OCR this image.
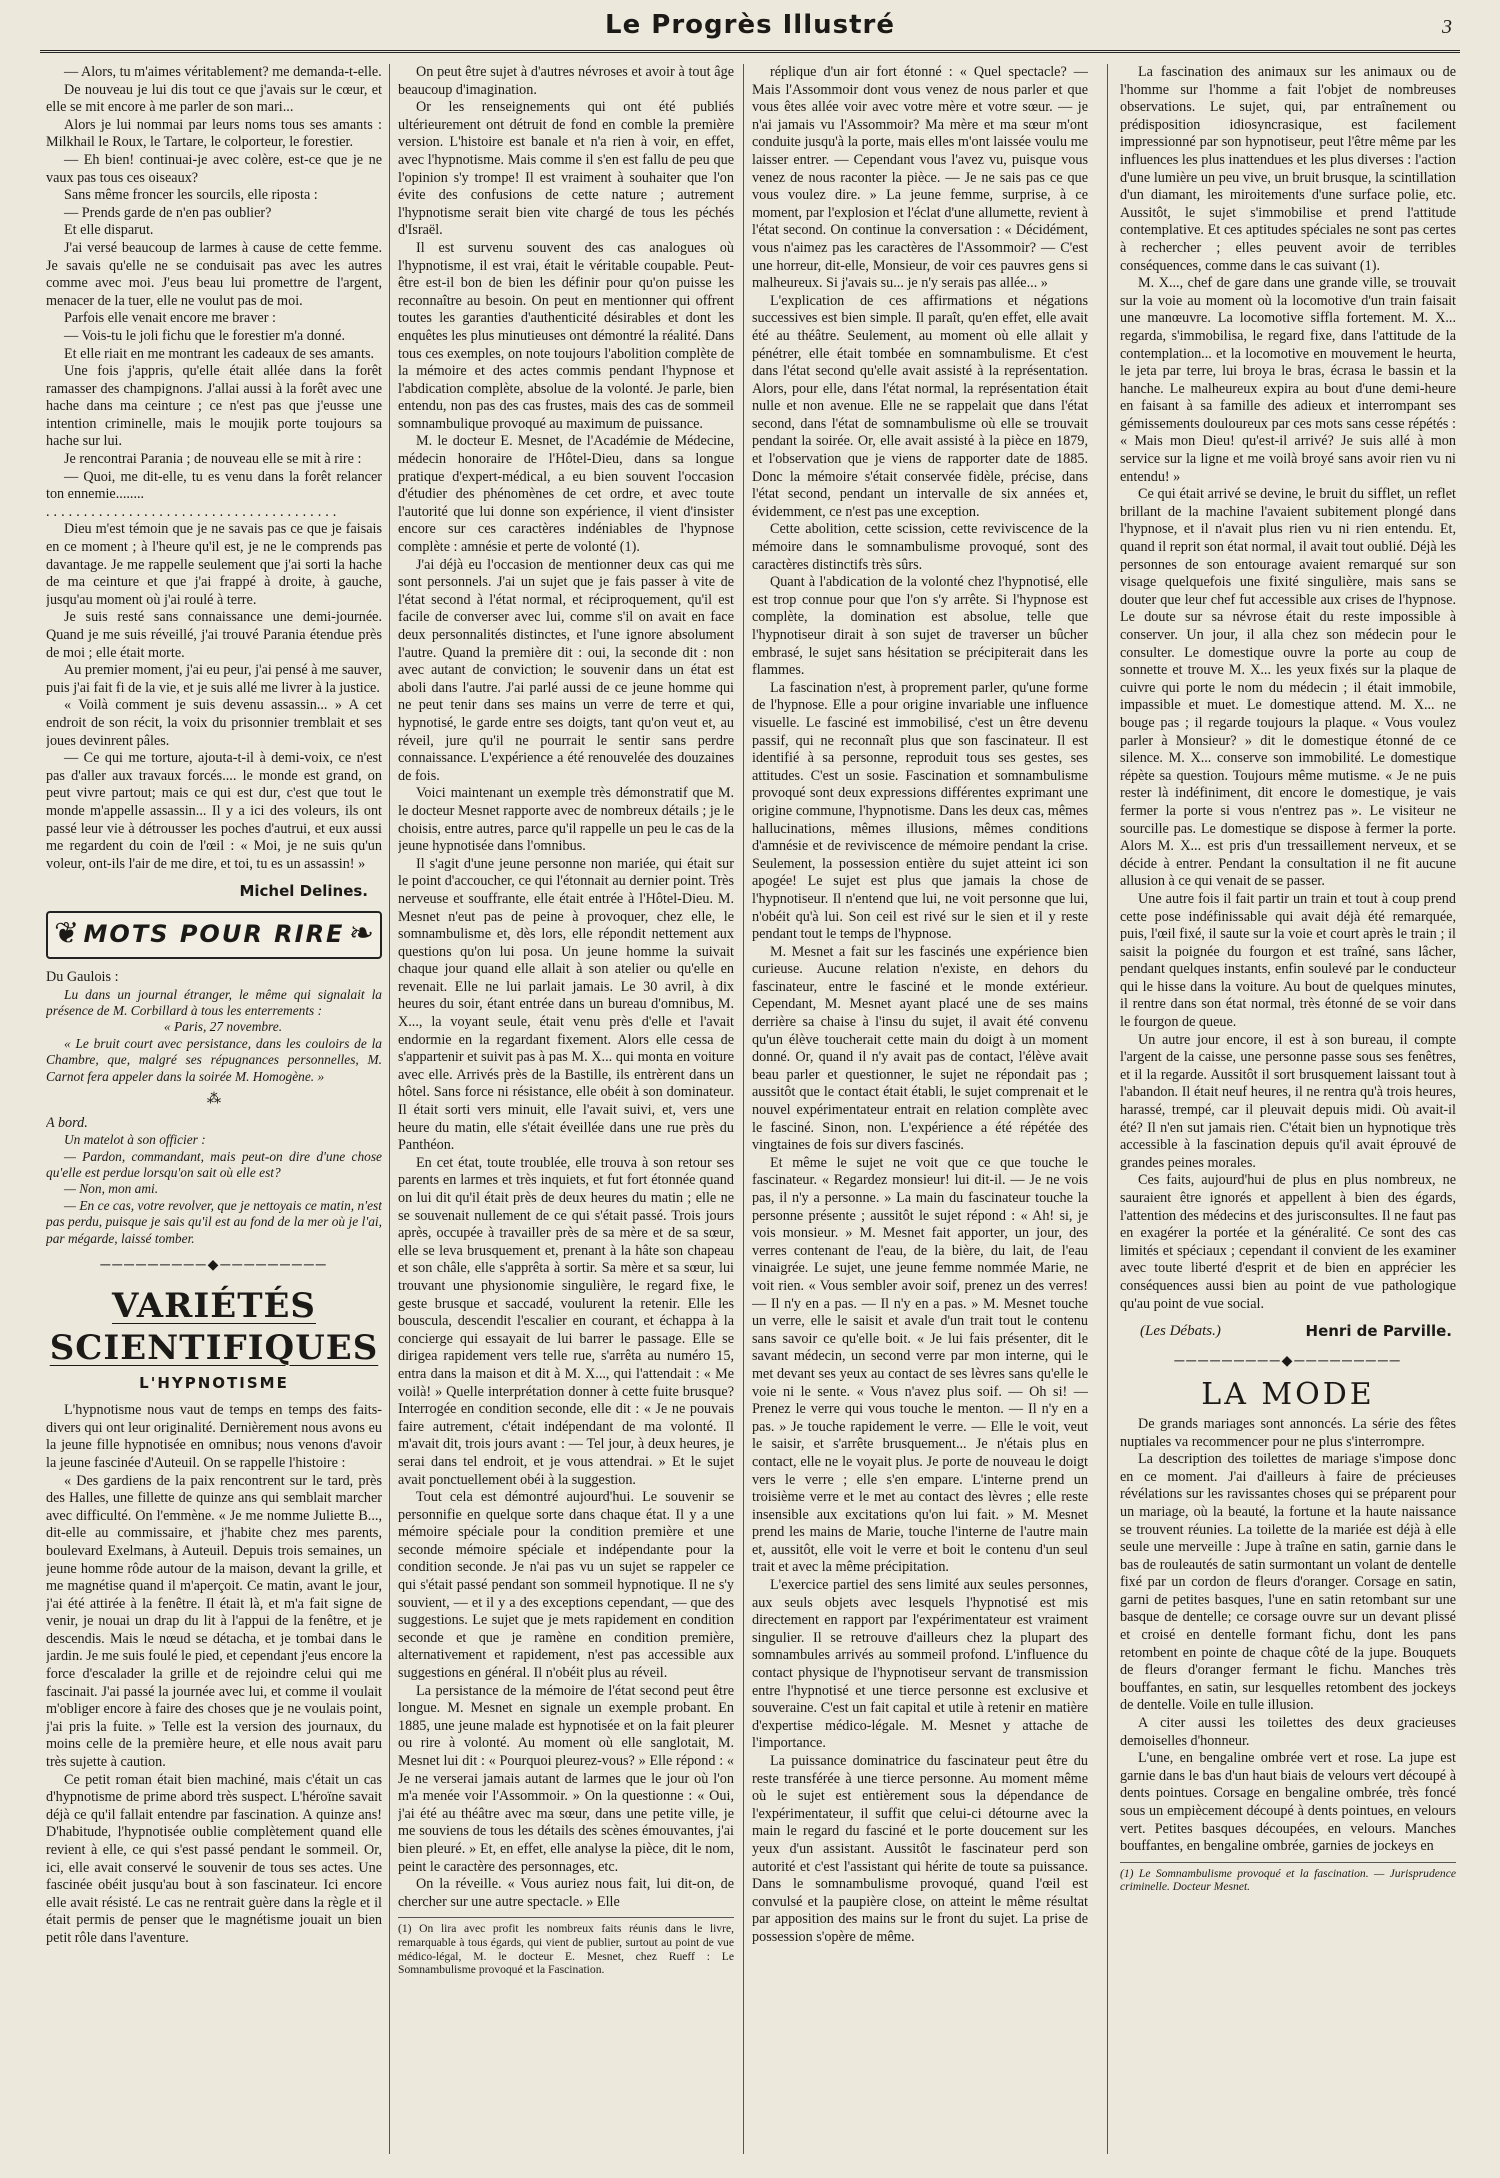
Le Progrès Illustré	3

— Alors, tu m'aimes véritablement? me demanda-t-elle.

De nouveau je lui dis tout ce que j'avais sur le cœur, et elle se mit encore à me parler de son mari...

Alors je lui nommai par leurs noms tous ses amants : Milkhail le Roux, le Tartare, le colporteur, le forestier.

— Eh bien! continuai-je avec colère, est-ce que je ne vaux pas tous ces oiseaux?

Sans même froncer les sourcils, elle riposta :

— Prends garde de n'en pas oublier?

Et elle disparut.

J'ai versé beaucoup de larmes à cause de cette femme. Je savais qu'elle ne se conduisait pas avec les autres comme avec moi. J'eus beau lui promettre de l'argent, menacer de la tuer, elle ne voulut pas de moi.

Parfois elle venait encore me braver :

— Vois-tu le joli fichu que le forestier m'a donné.

Et elle riait en me montrant les cadeaux de ses amants.

Une fois j'appris, qu'elle était allée dans la forêt ramasser des champignons. J'allai aussi à la forêt avec une hache dans ma ceinture ; ce n'est pas que j'eusse une intention criminelle, mais le moujik porte toujours sa hache sur lui.

Je rencontrai Parania ; de nouveau elle se mit à rire :

— Quoi, me dit-elle, tu es venu dans la forêt relancer ton ennemie........

.......................................

Dieu m'est témoin que je ne savais pas ce que je faisais en ce moment ; à l'heure qu'il est, je ne le comprends pas davantage. Je me rappelle seulement que j'ai sorti la hache de ma ceinture et que j'ai frappé à droite, à gauche, jusqu'au moment où j'ai roulé à terre.

Je suis resté sans connaissance une demi-journée. Quand je me suis réveillé, j'ai trouvé Parania étendue près de moi ; elle était morte.

Au premier moment, j'ai eu peur, j'ai pensé à me sauver, puis j'ai fait fi de la vie, et je suis allé me livrer à la justice.

« Voilà comment je suis devenu assassin... » A cet endroit de son récit, la voix du prisonnier tremblait et ses joues devinrent pâles.

— Ce qui me torture, ajouta-t-il à demi-voix, ce n'est pas d'aller aux travaux forcés.... le monde est grand, on peut vivre partout; mais ce qui est dur, c'est que tout le monde m'appelle assassin... Il y a ici des voleurs, ils ont passé leur vie à détrousser les poches d'autrui, et eux aussi me regardent du coin de l'œil : « Moi, je ne suis qu'un voleur, ont-ils l'air de me dire, et toi, tu es un assassin! »

Michel Delines.
❦ MOTS POUR RIRE ❧

Du Gaulois :

Lu dans un journal étranger, le même qui signalait la présence de M. Corbillard à tous les enterrements :

« Paris, 27 novembre.

« Le bruit court avec persistance, dans les couloirs de la Chambre, que, malgré ses répugnances personnelles, M. Carnot fera appeler dans la soirée M. Homogène. »

⁂

A bord.

Un matelot à son officier :

— Pardon, commandant, mais peut-on dire d'une chose qu'elle est perdue lorsqu'on sait où elle est?

— Non, mon ami.

— En ce cas, votre revolver, que je nettoyais ce matin, n'est pas perdu, puisque je sais qu'il est au fond de la mer où je l'ai, par mégarde, laissé tomber.

─────────◆─────────
VARIÉTÉS SCIENTIFIQUES
L'HYPNOTISME

L'hypnotisme nous vaut de temps en temps des faits-divers qui ont leur originalité. Dernièrement nous avons eu la jeune fille hypnotisée en omnibus; nous venons d'avoir la jeune fascinée d'Auteuil. On se rappelle l'histoire :

« Des gardiens de la paix rencontrent sur le tard, près des Halles, une fillette de quinze ans qui semblait marcher avec difficulté. On l'emmène. « Je me nomme Juliette B..., dit-elle au commissaire, et j'habite chez mes parents, boulevard Exelmans, à Auteuil. Depuis trois semaines, un jeune homme rôde autour de la maison, devant la grille, et me magnétise quand il m'aperçoit. Ce matin, avant le jour, j'ai été attirée à la fenêtre. Il était là, et m'a fait signe de venir, je nouai un drap du lit à l'appui de la fenêtre, et je descendis. Mais le nœud se détacha, et je tombai dans le jardin. Je me suis foulé le pied, et cependant j'eus encore la force d'escalader la grille et de rejoindre celui qui me fascinait. J'ai passé la journée avec lui, et comme il voulait m'obliger encore à faire des choses que je ne voulais point, j'ai pris la fuite. » Telle est la version des journaux, du moins celle de la première heure, et elle nous avait paru très sujette à caution.

Ce petit roman était bien machiné, mais c'était un cas d'hypnotisme de prime abord très suspect. L'héroïne savait déjà ce qu'il fallait entendre par fascination. A quinze ans! D'habitude, l'hypnotisée oublie complètement quand elle revient à elle, ce qui s'est passé pendant le sommeil. Or, ici, elle avait conservé le souvenir de tous ses actes. Une fascinée obéit jusqu'au bout à son fascinateur. Ici encore elle avait résisté. Le cas ne rentrait guère dans la règle et il était permis de penser que le magnétisme jouait un bien petit rôle dans l'aventure.

On peut être sujet à d'autres névroses et avoir à tout âge beaucoup d'imagination.

Or les renseignements qui ont été publiés ultérieurement ont détruit de fond en comble la première version. L'histoire est banale et n'a rien à voir, en effet, avec l'hypnotisme. Mais comme il s'en est fallu de peu que l'opinion s'y trompe! Il est vraiment à souhaiter que l'on évite des confusions de cette nature ; autrement l'hypnotisme serait bien vite chargé de tous les péchés d'Israël.

Il est survenu souvent des cas analogues où l'hypnotisme, il est vrai, était le véritable coupable. Peut-être est-il bon de bien les définir pour qu'on puisse les reconnaître au besoin. On peut en mentionner qui offrent toutes les garanties d'authenticité désirables et dont les enquêtes les plus minutieuses ont démontré la réalité. Dans tous ces exemples, on note toujours l'abolition complète de la mémoire et des actes commis pendant l'hypnose et l'abdication complète, absolue de la volonté. Je parle, bien entendu, non pas des cas frustes, mais des cas de sommeil somnambulique provoqué au maximum de puissance.

M. le docteur E. Mesnet, de l'Académie de Médecine, médecin honoraire de l'Hôtel-Dieu, dans sa longue pratique d'expert-médical, a eu bien souvent l'occasion d'étudier des phénomènes de cet ordre, et avec toute l'autorité que lui donne son expérience, il vient d'insister encore sur ces caractères indéniables de l'hypnose complète : amnésie et perte de volonté (1).

J'ai déjà eu l'occasion de mentionner deux cas qui me sont personnels. J'ai un sujet que je fais passer à vite de l'état second à l'état normal, et réciproquement, qu'il est facile de converser avec lui, comme s'il on avait en face deux personnalités distinctes, et l'une ignore absolument l'autre. Quand la première dit : oui, la seconde dit : non avec autant de conviction; le souvenir dans un état est aboli dans l'autre. J'ai parlé aussi de ce jeune homme qui ne peut tenir dans ses mains un verre de terre et qui, hypnotisé, le garde entre ses doigts, tant qu'on veut et, au réveil, jure qu'il ne pourrait le sentir sans perdre connaissance. L'expérience a été renouvelée des douzaines de fois.

Voici maintenant un exemple très démonstratif que M. le docteur Mesnet rapporte avec de nombreux détails ; je le choisis, entre autres, parce qu'il rappelle un peu le cas de la jeune hypnotisée dans l'omnibus.

Il s'agit d'une jeune personne non mariée, qui était sur le point d'accoucher, ce qui l'étonnait au dernier point. Très nerveuse et souffrante, elle était entrée à l'Hôtel-Dieu. M. Mesnet n'eut pas de peine à provoquer, chez elle, le somnambulisme et, dès lors, elle répondit nettement aux questions qu'on lui posa. Un jeune homme la suivait chaque jour quand elle allait à son atelier ou qu'elle en revenait. Elle ne lui parlait jamais. Le 30 avril, à dix heures du soir, étant entrée dans un bureau d'omnibus, M. X..., la voyant seule, était venu près d'elle et l'avait endormie en la regardant fixement. Alors elle cessa de s'appartenir et suivit pas à pas M. X... qui monta en voiture avec elle. Arrivés près de la Bastille, ils entrèrent dans un hôtel. Sans force ni résistance, elle obéit à son dominateur. Il était sorti vers minuit, elle l'avait suivi, et, vers une heure du matin, elle s'était éveillée dans une rue près du Panthéon.

En cet état, toute troublée, elle trouva à son retour ses parents en larmes et très inquiets, et fut fort étonnée quand on lui dit qu'il était près de deux heures du matin ; elle ne se souvenait nullement de ce qui s'était passé. Trois jours après, occupée à travailler près de sa mère et de sa sœur, elle se leva brusquement et, prenant à la hâte son chapeau et son châle, elle s'apprêta à sortir. Sa mère et sa sœur, lui trouvant une physionomie singulière, le regard fixe, le geste brusque et saccadé, voulurent la retenir. Elle les bouscula, descendit l'escalier en courant, et échappa à la concierge qui essayait de lui barrer le passage. Elle se dirigea rapidement vers telle rue, s'arrêta au numéro 15, entra dans la maison et dit à M. X..., qui l'attendait : « Me voilà! » Quelle interprétation donner à cette fuite brusque? Interrogée en condition seconde, elle dit : « Je ne pouvais faire autrement, c'était indépendant de ma volonté. Il m'avait dit, trois jours avant : — Tel jour, à deux heures, je serai dans tel endroit, et je vous attendrai. » Et le sujet avait ponctuellement obéi à la suggestion.

Tout cela est démontré aujourd'hui. Le souvenir se personnifie en quelque sorte dans chaque état. Il y a une mémoire spéciale pour la condition première et une seconde mémoire spéciale et indépendante pour la condition seconde. Je n'ai pas vu un sujet se rappeler ce qui s'était passé pendant son sommeil hypnotique. Il ne s'y souvient, — et il y a des exceptions cependant, — que des suggestions. Le sujet que je mets rapidement en condition seconde et que je ramène en condition première, alternativement et rapidement, n'est pas accessible aux suggestions en général. Il n'obéit plus au réveil.

La persistance de la mémoire de l'état second peut être longue. M. Mesnet en signale un exemple probant. En 1885, une jeune malade est hypnotisée et on la fait pleurer ou rire à volonté. Au moment où elle sanglotait, M. Mesnet lui dit : « Pourquoi pleurez-vous? » Elle répond : « Je ne verserai jamais autant de larmes que le jour où l'on m'a menée voir l'Assommoir. » On la questionne : « Oui, j'ai été au théâtre avec ma sœur, dans une petite ville, je me souviens de tous les détails des scènes émouvantes, j'ai bien pleuré. » Et, en effet, elle analyse la pièce, dit le nom, peint le caractère des personnages, etc.

On la réveille. « Vous auriez nous fait, lui dit-on, de chercher sur une autre spectacle. » Elle

(1) On lira avec profit les nombreux faits réunis dans le livre, remarquable à tous égards, qui vient de publier, surtout au point de vue médico-légal, M. le docteur E. Mesnet, chez Rueff : Le Somnambulisme provoqué et la Fascination.

réplique d'un air fort étonné : « Quel spectacle? — Mais l'Assommoir dont vous venez de nous parler et que vous êtes allée voir avec votre mère et votre sœur. — je n'ai jamais vu l'Assommoir? Ma mère et ma sœur m'ont conduite jusqu'à la porte, mais elles m'ont laissée voulu me laisser entrer. — Cependant vous l'avez vu, puisque vous venez de nous raconter la pièce. — Je ne sais pas ce que vous voulez dire. » La jeune femme, surprise, à ce moment, par l'explosion et l'éclat d'une allumette, revient à l'état second. On continue la conversation : « Décidément, vous n'aimez pas les caractères de l'Assommoir? — C'est une horreur, dit-elle, Monsieur, de voir ces pauvres gens si malheureux. Si j'avais su... je n'y serais pas allée... »

L'explication de ces affirmations et négations successives est bien simple. Il paraît, qu'en effet, elle avait été au théâtre. Seulement, au moment où elle allait y pénétrer, elle était tombée en somnambulisme. Et c'est dans l'état second qu'elle avait assisté à la représentation. Alors, pour elle, dans l'état normal, la représentation était nulle et non avenue. Elle ne se rappelait que dans l'état second, dans l'état de somnambulisme où elle se trouvait pendant la soirée. Or, elle avait assisté à la pièce en 1879, et l'observation que je viens de rapporter date de 1885. Donc la mémoire s'était conservée fidèle, précise, dans l'état second, pendant un intervalle de six années et, évidemment, ce n'est pas une exception.

Cette abolition, cette scission, cette reviviscence de la mémoire dans le somnambulisme provoqué, sont des caractères distinctifs très sûrs.

Quant à l'abdication de la volonté chez l'hypnotisé, elle est trop connue pour que l'on s'y arrête. Si l'hypnose est complète, la domination est absolue, telle que l'hypnotiseur dirait à son sujet de traverser un bûcher embrasé, le sujet sans hésitation se précipiterait dans les flammes.

La fascination n'est, à proprement parler, qu'une forme de l'hypnose. Elle a pour origine invariable une influence visuelle. Le fasciné est immobilisé, c'est un être devenu passif, qui ne reconnaît plus que son fascinateur. Il est identifié à sa personne, reproduit tous ses gestes, ses attitudes. C'est un sosie. Fascination et somnambulisme provoqué sont deux expressions différentes exprimant une origine commune, l'hypnotisme. Dans les deux cas, mêmes hallucinations, mêmes illusions, mêmes conditions d'amnésie et de reviviscence de mémoire pendant la crise. Seulement, la possession entière du sujet atteint ici son apogée! Le sujet est plus que jamais la chose de l'hypnotiseur. Il n'entend que lui, ne voit personne que lui, n'obéit qu'à lui. Son ceil est rivé sur le sien et il y reste pendant tout le temps de l'hypnose.

M. Mesnet a fait sur les fascinés une expérience bien curieuse. Aucune relation n'existe, en dehors du fascinateur, entre le fasciné et le monde extérieur. Cependant, M. Mesnet ayant placé une de ses mains derrière sa chaise à l'insu du sujet, il avait été convenu qu'un élève toucherait cette main du doigt à un moment donné. Or, quand il n'y avait pas de contact, l'élève avait beau parler et questionner, le sujet ne répondait pas ; aussitôt que le contact était établi, le sujet comprenait et le nouvel expérimentateur entrait en relation complète avec le fasciné. Sinon, non. L'expérience a été répétée des vingtaines de fois sur divers fascinés.

Et même le sujet ne voit que ce que touche le fascinateur. « Regardez monsieur! lui dit-il. — Je ne vois pas, il n'y a personne. » La main du fascinateur touche la personne présente ; aussitôt le sujet répond : « Ah! si, je vois monsieur. » M. Mesnet fait apporter, un jour, des verres contenant de l'eau, de la bière, du lait, de l'eau vinaigrée. Le sujet, une jeune femme nommée Marie, ne voit rien. « Vous sembler avoir soif, prenez un des verres! — Il n'y en a pas. — Il n'y en a pas. » M. Mesnet touche un verre, elle le saisit et avale d'un trait tout le contenu sans savoir ce qu'elle boit. « Je lui fais présenter, dit le savant médecin, un second verre par mon interne, qui le met devant ses yeux au contact de ses lèvres sans qu'elle le voie ni le sente. « Vous n'avez plus soif. — Oh si! — Prenez le verre qui vous touche le menton. — Il n'y en a pas. » Je touche rapidement le verre. — Elle le voit, veut le saisir, et s'arrête brusquement... Je n'étais plus en contact, elle ne le voyait plus. Je porte de nouveau le doigt vers le verre ; elle s'en empare. L'interne prend un troisième verre et le met au contact des lèvres ; elle reste insensible aux excitations qu'on lui fait. » M. Mesnet prend les mains de Marie, touche l'interne de l'autre main et, aussitôt, elle voit le verre et boit le contenu d'un seul trait et avec la même précipitation.

L'exercice partiel des sens limité aux seules personnes, aux seuls objets avec lesquels l'hypnotisé est mis directement en rapport par l'expérimentateur est vraiment singulier. Il se retrouve d'ailleurs chez la plupart des somnambules arrivés au sommeil profond. L'influence du contact physique de l'hypnotiseur servant de transmission entre l'hypnotisé et une tierce personne est exclusive et souveraine. C'est un fait capital et utile à retenir en matière d'expertise médico-légale. M. Mesnet y attache de l'importance.

La puissance dominatrice du fascinateur peut être du reste transférée à une tierce personne. Au moment même où le sujet est entièrement sous la dépendance de l'expérimentateur, il suffit que celui-ci détourne avec la main le regard du fasciné et le porte doucement sur les yeux d'un assistant. Aussitôt le fascinateur perd son autorité et c'est l'assistant qui hérite de toute sa puissance. Dans le somnambulisme provoqué, quand l'œil est convulsé et la paupière close, on atteint le même résultat par apposition des mains sur le front du sujet. La prise de possession s'opère de même.

La fascination des animaux sur les animaux ou de l'homme sur l'homme a fait l'objet de nombreuses observations. Le sujet, qui, par entraînement ou prédisposition idiosyncrasique, est facilement impressionné par son hypnotiseur, peut l'être même par les influences les plus inattendues et les plus diverses : l'action d'une lumière un peu vive, un bruit brusque, la scintillation d'un diamant, les miroitements d'une surface polie, etc. Aussitôt, le sujet s'immobilise et prend l'attitude contemplative. Et ces aptitudes spéciales ne sont pas certes à rechercher ; elles peuvent avoir de terribles conséquences, comme dans le cas suivant (1).

M. X..., chef de gare dans une grande ville, se trouvait sur la voie au moment où la locomotive d'un train faisait une manœuvre. La locomotive siffla fortement. M. X... regarda, s'immobilisa, le regard fixe, dans l'attitude de la contemplation... et la locomotive en mouvement le heurta, le jeta par terre, lui broya le bras, écrasa le bassin et la hanche. Le malheureux expira au bout d'une demi-heure en faisant à sa famille des adieux et interrompant ses gémissements douloureux par ces mots sans cesse répétés : « Mais mon Dieu! qu'est-il arrivé? Je suis allé à mon service sur la ligne et me voilà broyé sans avoir rien vu ni entendu! »

Ce qui était arrivé se devine, le bruit du sifflet, un reflet brillant de la machine l'avaient subitement plongé dans l'hypnose, et il n'avait plus rien vu ni rien entendu. Et, quand il reprit son état normal, il avait tout oublié. Déjà les personnes de son entourage avaient remarqué sur son visage quelquefois une fixité singulière, mais sans se douter que leur chef fut accessible aux crises de l'hypnose. Le doute sur sa névrose était du reste impossible à conserver. Un jour, il alla chez son médecin pour le consulter. Le domestique ouvre la porte au coup de sonnette et trouve M. X... les yeux fixés sur la plaque de cuivre qui porte le nom du médecin ; il était immobile, impassible et muet. Le domestique attend. M. X... ne bouge pas ; il regarde toujours la plaque. « Vous voulez parler à Monsieur? » dit le domestique étonné de ce silence. M. X... conserve son immobilité. Le domestique répète sa question. Toujours même mutisme. « Je ne puis rester là indéfiniment, dit encore le domestique, je vais fermer la porte si vous n'entrez pas ». Le visiteur ne sourcille pas. Le domestique se dispose à fermer la porte. Alors M. X... est pris d'un tressaillement nerveux, et se décide à entrer. Pendant la consultation il ne fit aucune allusion à ce qui venait de se passer.

Une autre fois il fait partir un train et tout à coup prend cette pose indéfinissable qui avait déjà été remarquée, puis, l'œil fixé, il saute sur la voie et court après le train ; il saisit la poignée du fourgon et est traîné, sans lâcher, pendant quelques instants, enfin soulevé par le conducteur qui le hisse dans la voiture. Au bout de quelques minutes, il rentre dans son état normal, très étonné de se voir dans le fourgon de queue.

Un autre jour encore, il est à son bureau, il compte l'argent de la caisse, une personne passe sous ses fenêtres, et il la regarde. Aussitôt il sort brusquement laissant tout à l'abandon. Il était neuf heures, il ne rentra qu'à trois heures, harassé, trempé, car il pleuvait depuis midi. Où avait-il été? Il n'en sut jamais rien. C'était bien un hypnotique très accessible à la fascination depuis qu'il avait éprouvé de grandes peines morales.

Ces faits, aujourd'hui de plus en plus nombreux, ne sauraient être ignorés et appellent à bien des égards, l'attention des médecins et des jurisconsultes. Il ne faut pas en exagérer la portée et la généralité. Ce sont des cas limités et spéciaux ; cependant il convient de les examiner avec toute liberté d'esprit et de bien en apprécier les conséquences aussi bien au point de vue pathologique qu'au point de vue social.

(Les Débats.)	Henri de Parville.
─────────◆─────────
LA MODE

De grands mariages sont annoncés. La série des fêtes nuptiales va recommencer pour ne plus s'interrompre.

La description des toilettes de mariage s'impose donc en ce moment. J'ai d'ailleurs à faire de précieuses révélations sur les ravissantes choses qui se préparent pour un mariage, où la beauté, la fortune et la haute naissance se trouvent réunies. La toilette de la mariée est déjà à elle seule une merveille : Jupe à traîne en satin, garnie dans le bas de rouleautés de satin surmontant un volant de dentelle fixé par un cordon de fleurs d'oranger. Corsage en satin, garni de petites basques, l'une en satin retombant sur une basque de dentelle; ce corsage ouvre sur un devant plissé et croisé en dentelle formant fichu, dont les pans retombent en pointe de chaque côté de la jupe. Bouquets de fleurs d'oranger fermant le fichu. Manches très bouffantes, en satin, sur lesquelles retombent des jockeys de dentelle. Voile en tulle illusion.

A citer aussi les toilettes des deux gracieuses demoiselles d'honneur.

L'une, en bengaline ombrée vert et rose. La jupe est garnie dans le bas d'un haut biais de velours vert découpé à dents pointues. Corsage en bengaline ombrée, très foncé sous un empiècement découpé à dents pointues, en velours vert. Petites basques découpées, en velours. Manches bouffantes, en bengaline ombrée, garnies de jockeys en

(1) Le Somnambulisme provoqué et la fascination. — Jurisprudence criminelle. Docteur Mesnet.
